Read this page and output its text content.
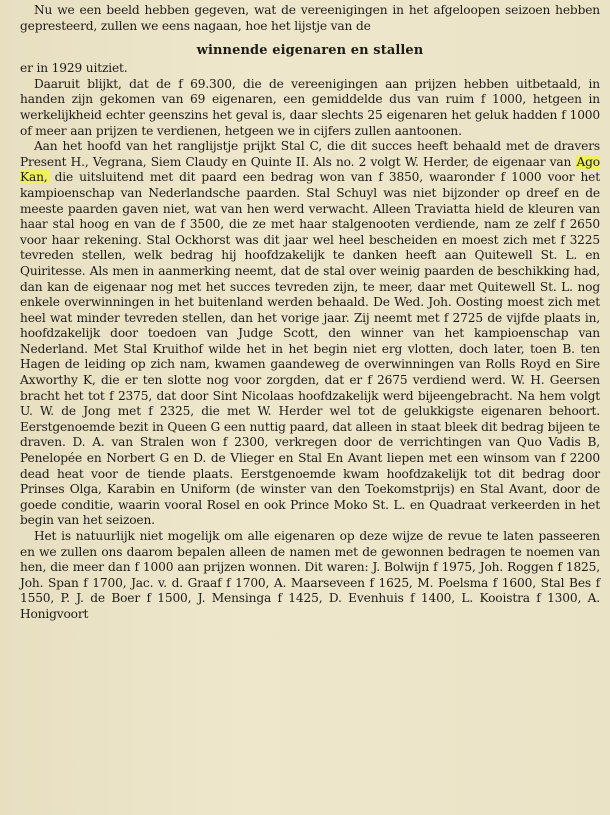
Nu we een beeld hebben gegeven, wat de vereenigingen in het afgeloopen seizoen hebben gepresteerd, zullen we eens nagaan, hoe het lijstje van de

winnende eigenaren en stallen

er in 1929 uitziet.

Daaruit blijkt, dat de f 69.300, die de vereenigingen aan prijzen hebben uitbetaald, in handen zijn gekomen van 69 eigenaren, een gemiddelde dus van ruim f 1000, hetgeen in werkelijkheid echter geenszins het geval is, daar slechts 25 eigenaren het geluk hadden f 1000 of meer aan prijzen te verdienen, hetgeen we in cijfers zullen aantoonen.

Aan het hoofd van het ranglijstje prijkt Stal C, die dit succes heeft behaald met de dravers Present H., Vegrana, Siem Claudy en Quinte II. Als no. 2 volgt W. Herder, de eigenaar van Ago Kan, die uitsluitend met dit paard een bedrag won van f 3850, waaronder f 1000 voor het kampioenschap van Nederlandsche paarden. Stal Schuyl was niet bijzonder op dreef en de meeste paarden gaven niet, wat van hen werd verwacht. Alleen Traviatta hield de kleuren van haar stal hoog en van de f 3500, die ze met haar stalgenooten verdiende, nam ze zelf f 2650 voor haar rekening. Stal Ockhorst was dit jaar wel heel bescheiden en moest zich met f 3225 tevreden stellen, welk bedrag hij hoofdzakelijk te danken heeft aan Quitewell St. L. en Quiritesse. Als men in aanmerking neemt, dat de stal over weinig paarden de beschikking had, dan kan de eigenaar nog met het succes tevreden zijn, te meer, daar met Quitewell St. L. nog enkele overwinningen in het buitenland werden behaald. De Wed. Joh. Oosting moest zich met heel wat minder tevreden stellen, dan het vorige jaar. Zij neemt met f 2725 de vijfde plaats in, hoofdzakelijk door toedoen van Judge Scott, den winner van het kampioenschap van Nederland. Met Stal Kruithof wilde het in het begin niet erg vlotten, doch later, toen B. ten Hagen de leiding op zich nam, kwamen gaandeweg de overwinningen van Rolls Royd en Sire Axworthy K, die er ten slotte nog voor zorgden, dat er f 2675 verdiend werd. W. H. Geersen bracht het tot f 2375, dat door Sint Nicolaas hoofdzakelijk werd bijeengebracht. Na hem volgt U. W. de Jong met f 2325, die met W. Herder wel tot de gelukkigste eigenaren behoort. Eerstgenoemde bezit in Queen G een nuttig paard, dat alleen in staat bleek dit bedrag bijeen te draven. D. A. van Stralen won f 2300, verkregen door de verrichtingen van Quo Vadis B, Penelopée en Norbert G en D. de Vlieger en Stal En Avant liepen met een winsom van f 2200 dead heat voor de tiende plaats. Eerstgenoemde kwam hoofdzakelijk tot dit bedrag door Prinses Olga, Karabin en Uniform (de winster van den Toekomstprijs) en Stal Avant, door de goede conditie, waarin vooral Rosel en ook Prince Moko St. L. en Quadraat verkeerden in het begin van het seizoen.

Het is natuurlijk niet mogelijk om alle eigenaren op deze wijze de revue te laten passeeren en we zullen ons daarom bepalen alleen de namen met de gewonnen bedragen te noemen van hen, die meer dan f 1000 aan prijzen wonnen. Dit waren: J. Bolwijn f 1975, Joh. Roggen f 1825, Joh. Span f 1700, Jac. v. d. Graaf f 1700, A. Maarseveen f 1625, M. Poelsma f 1600, Stal Bes f 1550, P. J. de Boer f 1500, J. Mensinga f 1425, D. Evenhuis f 1400, L. Kooistra f 1300, A. Honigvoort
